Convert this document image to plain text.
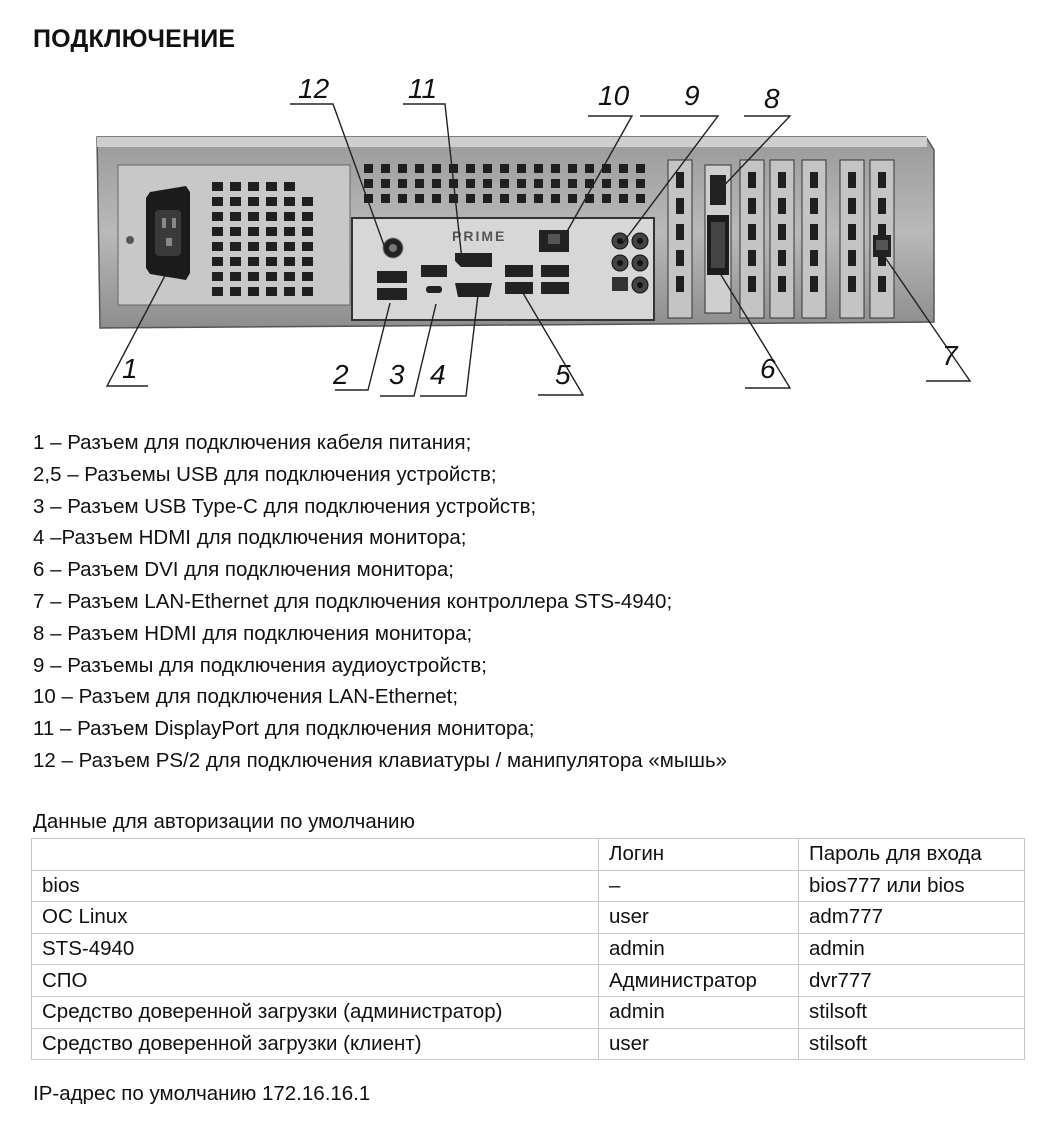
ПОДКЛЮЧЕНИЕ
PRIME
12	11	10 9 8
1	2 3 4	5	6	7
1 – Разъем для подключения кабеля питания;
2,5 – Разъемы USB для подключения устройств;
3 – Разъем USB Type-C для подключения устройств;
4 –Разъем HDMI для подключения монитора;
6 – Разъем DVI для подключения монитора;
7 – Разъем LAN-Ethernet для подключения контроллера STS-4940;
8 – Разъем HDMI для подключения монитора;
9 – Разъемы для подключения аудиоустройств;
10 – Разъем для подключения LAN-Ethernet;
11 – Разъем DisplayPort для подключения монитора;
12 – Разъем PS/2 для подключения клавиатуры / манипулятора «мышь»
Данные для авторизации по умолчанию
	Логин	Пароль для входа
bios	–	bios777 или bios
ОС Linux	user	adm777
STS-4940	admin	admin
СПО	Администратор	dvr777
Средство доверенной загрузки (администратор)	admin	stilsoft
Средство доверенной загрузки (клиент)	user	stilsoft
IP-адрес по умолчанию 172.16.16.1
